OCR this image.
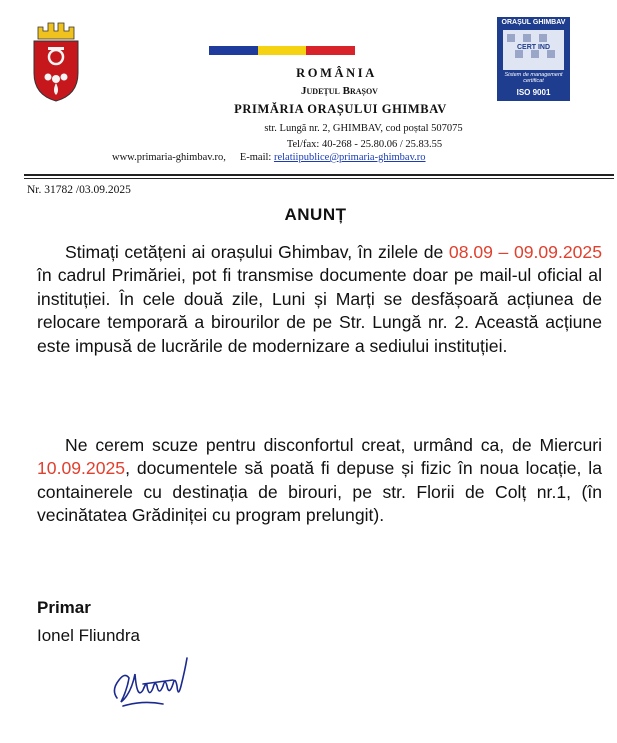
ROMÂNIA
Județul Brașov
PRIMĂRIA ORAȘULUI GHIMBAV
str. Lungă nr. 2, GHIMBAV, cod poștal 507075
Tel/fax: 40-268 - 25.80.06 / 25.83.55
www.primaria-ghimbav.ro, E-mail: relatiipublice@primaria-ghimbav.ro
ORAȘUL GHIMBAV
CERT IND
Sistem de management certificat
ISO 9001
Nr. 31782 /03.09.2025
ANUNȚ
Stimați cetățeni ai orașului Ghimbav, în zilele de 08.09 – 09.09.2025 în cadrul Primăriei, pot fi transmise documente doar pe mail-ul oficial al instituției. În cele două zile, Luni și Marți se desfășoară acțiunea de relocare temporară a birourilor de pe Str. Lungă nr. 2. Această acțiune este impusă de lucrările de modernizare a sediului instituției.
Ne cerem scuze pentru disconfortul creat, urmând ca, de Miercuri 10.09.2025, documentele să poată fi depuse și fizic în noua locație, la containerele cu destinația de birouri, pe str. Florii de Colț nr.1, (în vecinătatea Grădiniței cu program prelungit).
Primar
Ionel Fliundra
